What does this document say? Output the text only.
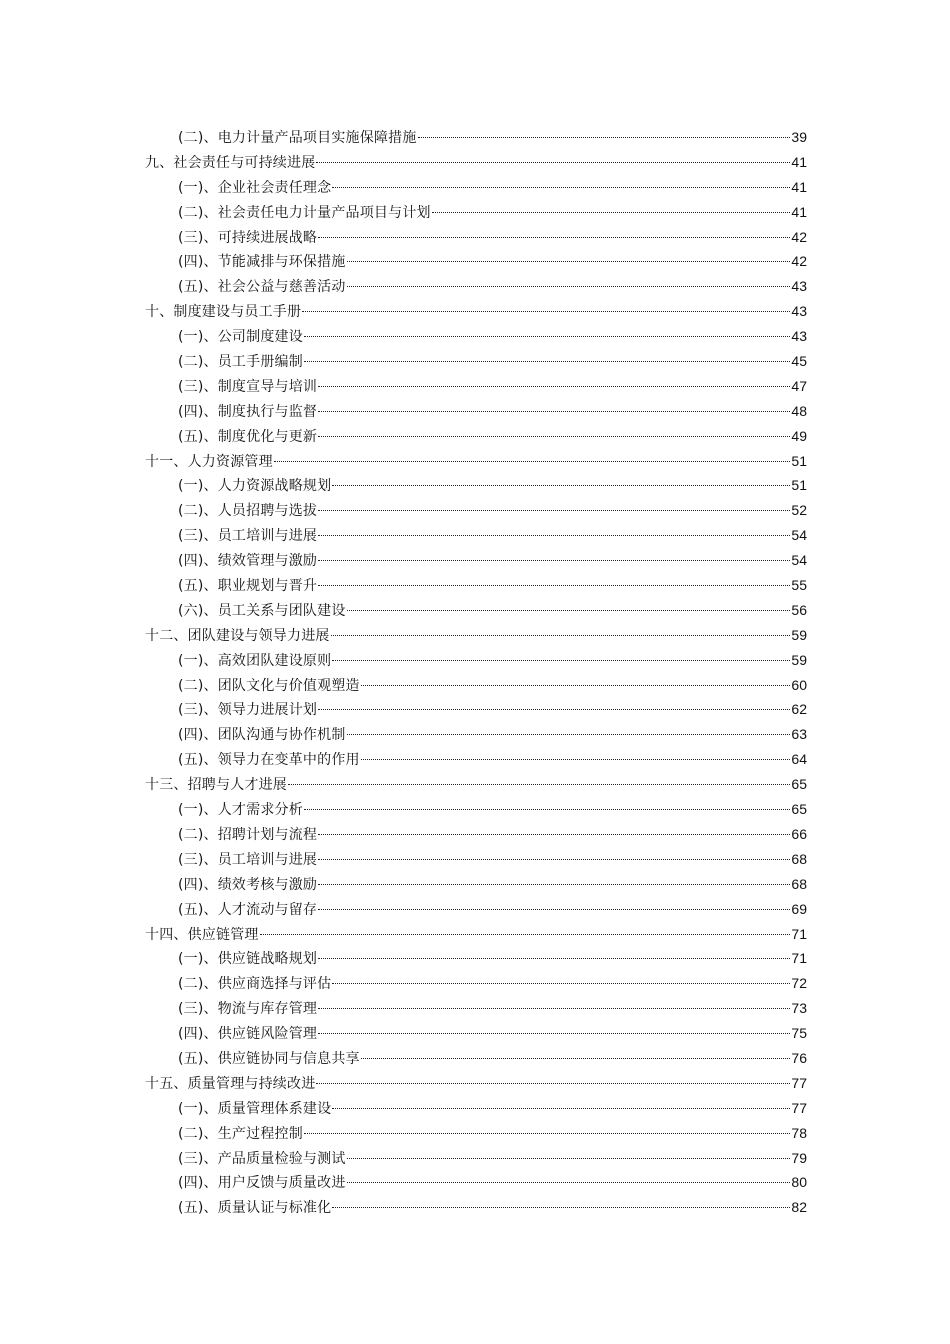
(二)、电力计量产品项目实施保障措施	39
九、社会责任与可持续进展	41
(一)、企业社会责任理念	41
(二)、社会责任电力计量产品项目与计划	41
(三)、可持续进展战略	42
(四)、节能减排与环保措施	42
(五)、社会公益与慈善活动	43
十、制度建设与员工手册	43
(一)、公司制度建设	43
(二)、员工手册编制	45
(三)、制度宣导与培训	47
(四)、制度执行与监督	48
(五)、制度优化与更新	49
十一、人力资源管理	51
(一)、人力资源战略规划	51
(二)、人员招聘与选拔	52
(三)、员工培训与进展	54
(四)、绩效管理与激励	54
(五)、职业规划与晋升	55
(六)、员工关系与团队建设	56
十二、团队建设与领导力进展	59
(一)、高效团队建设原则	59
(二)、团队文化与价值观塑造	60
(三)、领导力进展计划	62
(四)、团队沟通与协作机制	63
(五)、领导力在变革中的作用	64
十三、招聘与人才进展	65
(一)、人才需求分析	65
(二)、招聘计划与流程	66
(三)、员工培训与进展	68
(四)、绩效考核与激励	68
(五)、人才流动与留存	69
十四、供应链管理	71
(一)、供应链战略规划	71
(二)、供应商选择与评估	72
(三)、物流与库存管理	73
(四)、供应链风险管理	75
(五)、供应链协同与信息共享	76
十五、质量管理与持续改进	77
(一)、质量管理体系建设	77
(二)、生产过程控制	78
(三)、产品质量检验与测试	79
(四)、用户反馈与质量改进	80
(五)、质量认证与标准化	82
